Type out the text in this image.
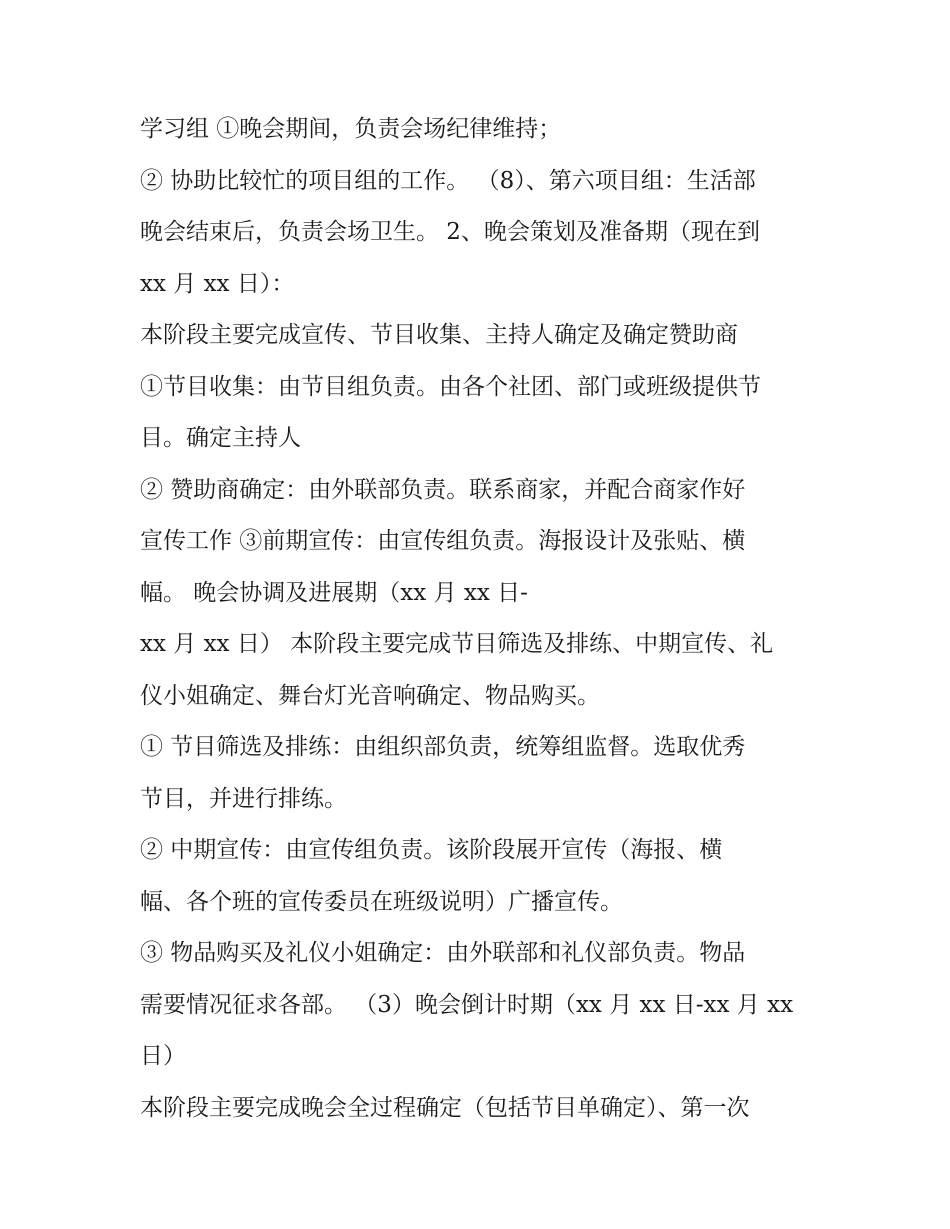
学习组 ①晚会期间，负责会场纪律维持；
② 协助比较忙的项目组的工作。 （8）、第六项目组：生活部
晚会结束后，负责会场卫生。 2、晚会策划及准备期（现在到
xx 月 xx 日）：
本阶段主要完成宣传、节目收集、主持人确定及确定赞助商
①节目收集：由节目组负责。由各个社团、部门或班级提供节
目。确定主持人
② 赞助商确定：由外联部负责。联系商家，并配合商家作好
宣传工作 ③前期宣传：由宣传组负责。海报设计及张贴、横
幅。 晚会协调及进展期（xx 月 xx 日-
xx 月 xx 日） 本阶段主要完成节目筛选及排练、中期宣传、礼
仪小姐确定、舞台灯光音响确定、物品购买。
① 节目筛选及排练：由组织部负责，统筹组监督。选取优秀
节目，并进行排练。
② 中期宣传：由宣传组负责。该阶段展开宣传（海报、横
幅、各个班的宣传委员在班级说明）广播宣传。
③ 物品购买及礼仪小姐确定：由外联部和礼仪部负责。物品
需要情况征求各部。 （3）晚会倒计时期（xx 月 xx 日-xx 月 xx
日）
本阶段主要完成晚会全过程确定（包括节目单确定）、第一次
